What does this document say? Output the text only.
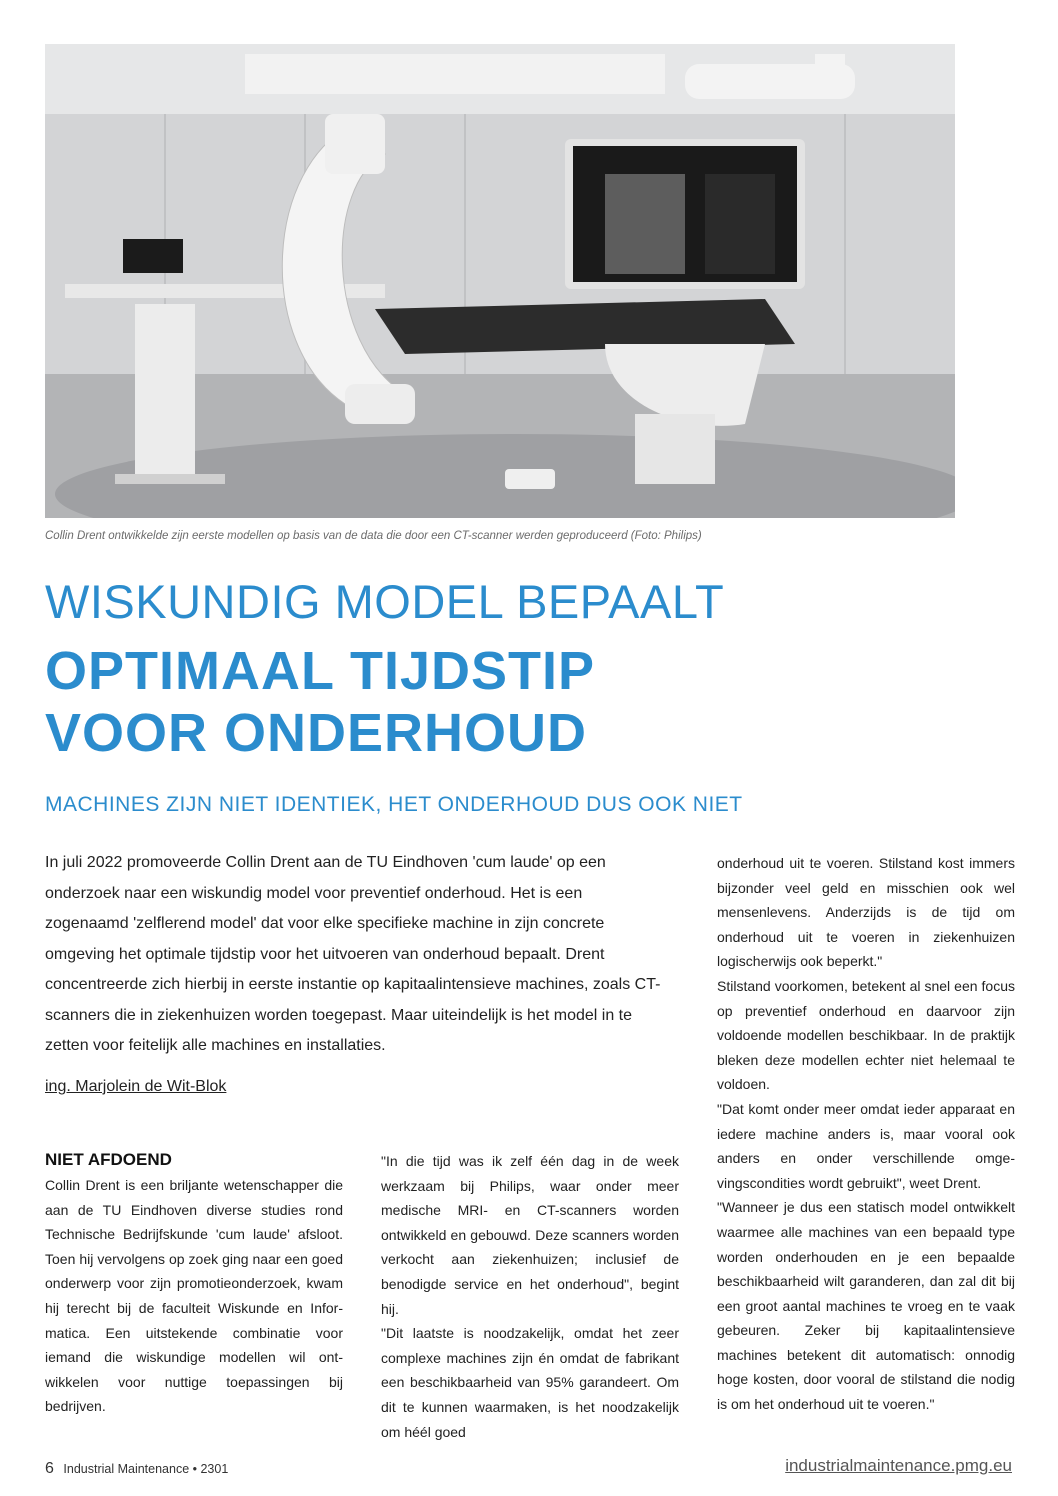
Collin Drent ontwikkelde zijn eerste modellen op basis van de data die door een CT-scanner werden geproduceerd (Foto: Philips)
WISKUNDIG MODEL BEPAALT
OPTIMAAL TIJDSTIP
VOOR ONDERHOUD
MACHINES ZIJN NIET IDENTIEK, HET ONDERHOUD DUS OOK NIET

In juli 2022 promoveerde Collin Drent aan de TU Eindhoven 'cum laude' op een onderzoek naar een wiskundig model voor preventief onderhoud. Het is een zogenaamd 'zelflerend model' dat voor elke specifieke machine in zijn concrete omgeving het optimale tijdstip voor het uitvoeren van onderhoud bepaalt. Drent concentreerde zich hierbij in eerste instantie op kapitaalintensieve machines, zoals CT-scanners die in ziekenhuizen worden toegepast. Maar uiteindelijk is het model in te zetten voor feitelijk alle machines en installaties.

ing. Marjolein de Wit-Blok

NIET AFDOEND

Collin Drent is een briljante wetenschapper die aan de TU Eindhoven diverse studies rond Technische Bedrijfskunde 'cum laude' afsloot. Toen hij vervolgens op zoek ging naar een goed onderwerp voor zijn promotieonderzoek, kwam hij terecht bij de faculteit Wiskunde en Informatica. Een uitstekende combinatie voor iemand die wiskundige modellen wil ontwikkelen voor nuttige toepassingen bij bedrijven.

"In die tijd was ik zelf één dag in de week werkzaam bij Philips, waar onder meer medische MRI- en CT-scanners worden ontwikkeld en gebouwd. Deze scanners worden verkocht aan ziekenhuizen; inclusief de benodigde service en het onderhoud", begint hij.

"Dit laatste is noodzakelijk, omdat het zeer complexe machines zijn én omdat de fabrikant een beschikbaarheid van 95% garandeert. Om dit te kunnen waarmaken, is het noodzakelijk om héél goed

onderhoud uit te voeren. Stilstand kost immers bijzonder veel geld en misschien ook wel mensenlevens. Anderzijds is de tijd om onderhoud uit te voeren in ziekenhuizen logischerwijs ook beperkt."

Stilstand voorkomen, betekent al snel een focus op preventief onderhoud en daarvoor zijn voldoende modellen beschikbaar. In de praktijk bleken deze modellen echter niet helemaal te voldoen.

"Dat komt onder meer omdat ieder apparaat en iedere machine anders is, maar vooral ook anders en onder verschillende omgevingscondities wordt gebruikt", weet Drent.

"Wanneer je dus een statisch model ontwikkelt waarmee alle machines van een bepaald type worden onderhouden en je een bepaalde beschikbaarheid wilt garanderen, dan zal dit bij een groot aantal machines te vroeg en te vaak gebeuren. Zeker bij kapitaalintensieve machines betekent dit automatisch: onnodig hoge kosten, door vooral de stilstand die nodig is om het onderhoud uit te voeren."

6 Industrial Maintenance • 2301	industrialmaintenance.pmg.eu
